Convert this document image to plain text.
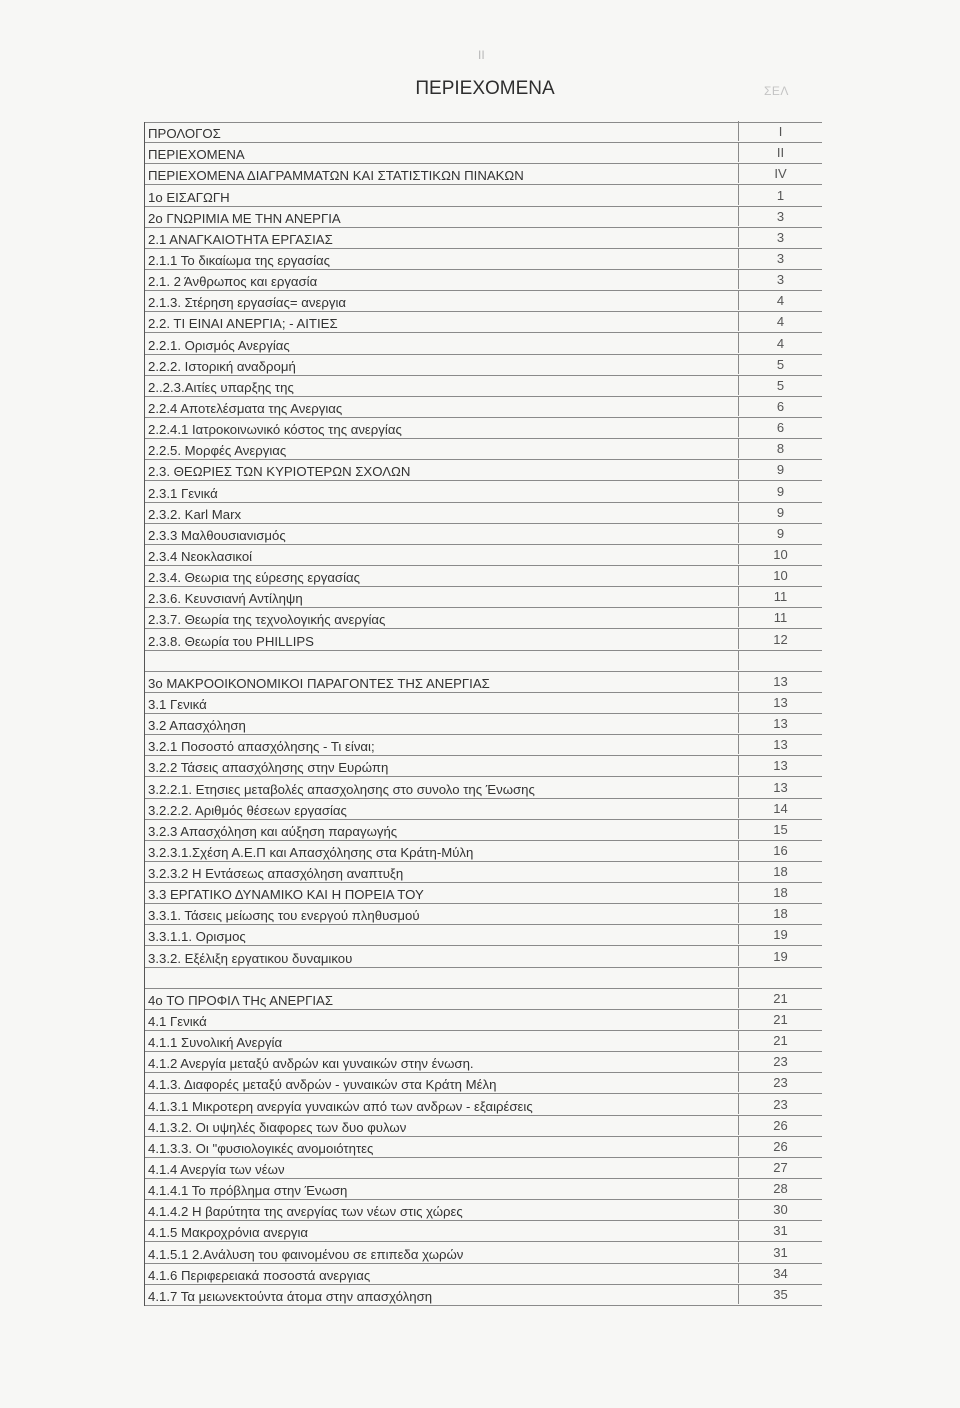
II
ΠΕΡΙΕΧΟΜΕΝΑ	ΣΕΛ
ΠΡΟΛΟΓΟΣ	I
ΠΕΡΙΕΧΟΜΕΝΑ	II
ΠΕΡΙΕΧΟΜΕΝΑ ΔΙΑΓΡΑΜΜΑΤΩΝ ΚΑΙ ΣΤΑΤΙΣΤΙΚΩΝ ΠΙΝΑΚΩΝ	IV
1o ΕΙΣΑΓΩΓΗ	1
2o ΓΝΩΡΙΜΙΑ ΜΕ ΤΗΝ ΑΝΕΡΓΙΑ	3
2.1 ΑΝΑΓΚΑΙΟΤΗΤΑ ΕΡΓΑΣΙΑΣ	3
2.1.1 Το δικαίωμα της εργασίας	3
2.1. 2 Άνθρωπος και εργασία	3
2.1.3. Στέρηση εργασίας= ανεργια	4
2.2. ΤΙ ΕΙΝΑΙ ΑΝΕΡΓΙΑ; - ΑΙΤΙΕΣ	4
2.2.1. Ορισμός Ανεργίας	4
2.2.2. Ιστορική αναδρομή	5
2..2.3.Αιτίες υπαρξης της	5
2.2.4 Αποτελέσματα της Ανεργιας	6
2.2.4.1 Ιατροκοινωνικό κόστος της ανεργίας	6
2.2.5. Μορφές Ανεργιας	8
2.3. ΘΕΩΡΙΕΣ ΤΩΝ ΚΥΡΙΟΤΕΡΩΝ ΣΧΟΛΩΝ	9
2.3.1 Γενικά	9
2.3.2. Karl Marx	9
2.3.3 Μαλθουσιανισμός	9
2.3.4 Νεοκλασικοί	10
2.3.4. Θεωρια της εύρεσης εργασίας	10
2.3.6. Κευνσιανή Αντίληψη	11
2.3.7. Θεωρία της τεχνολογικής ανεργίας	11
2.3.8. Θεωρία του PHILLIPS	12
3o ΜΑΚΡΟΟΙΚΟΝΟΜΙΚΟΙ ΠΑΡΑΓΟΝΤΕΣ ΤΗΣ ΑΝΕΡΓΙΑΣ	13
3.1 Γενικά	13
3.2 Απασχόληση	13
3.2.1 Ποσοστό απασχόλησης - Τι είναι;	13
3.2.2 Τάσεις απασχόλησης στην Ευρώπη	13
3.2.2.1. Ετησιες μεταβολές απασχολησης στο συνολο της Ένωσης	13
3.2.2.2. Αριθμός θέσεων εργασίας	14
3.2.3 Απασχόληση και αύξηση παραγωγής	15
3.2.3.1.Σχέση Α.Ε.Π και Απασχόλησης στα Κράτη-Μύλη	16
3.2.3.2 Η Εντάσεως απασχόληση αναπτυξη	18
3.3 ΕΡΓΑΤΙΚΟ ΔΥΝΑΜΙΚΟ ΚΑΙ Η ΠΟΡΕΙΑ ΤΟΥ	18
3.3.1. Τάσεις μείωσης του ενεργού πληθυσμού	18
3.3.1.1. Ορισμος	19
3.3.2. Εξέλιξη εργατικου δυναμικου	19
4o ΤΟ ΠΡΟΦΙΛ ΤΗς ΑΝΕΡΓΙΑΣ	21
4.1 Γενικά	21
4.1.1 Συνολική Ανεργία	21
4.1.2 Ανεργία μεταξύ ανδρών και γυναικών στην ένωση.	23
4.1.3. Διαφορές μεταξύ ανδρών - γυναικών στα Κράτη Μέλη	23
4.1.3.1 Μικροτερη ανεργία γυναικών από των ανδρων - εξαιρέσεις	23
4.1.3.2. Οι υψηλές διαφορες των δυο φυλων	26
4.1.3.3. Οι "φυσιολογικές ανομοιότητες	26
4.1.4 Ανεργία των νέων	27
4.1.4.1 Το πρόβλημα στην Ένωση	28
4.1.4.2 Η βαρύτητα της ανεργίας των νέων στις χώρες	30
4.1.5 Μακροχρόνια ανεργια	31
4.1.5.1 2.Ανάλυση του φαινομένου σε επιπεδα χωρών	31
4.1.6 Περιφερειακά ποσοστά ανεργιας	34
4.1.7 Τα μειωνεκτούντα άτομα στην απασχόληση	35
